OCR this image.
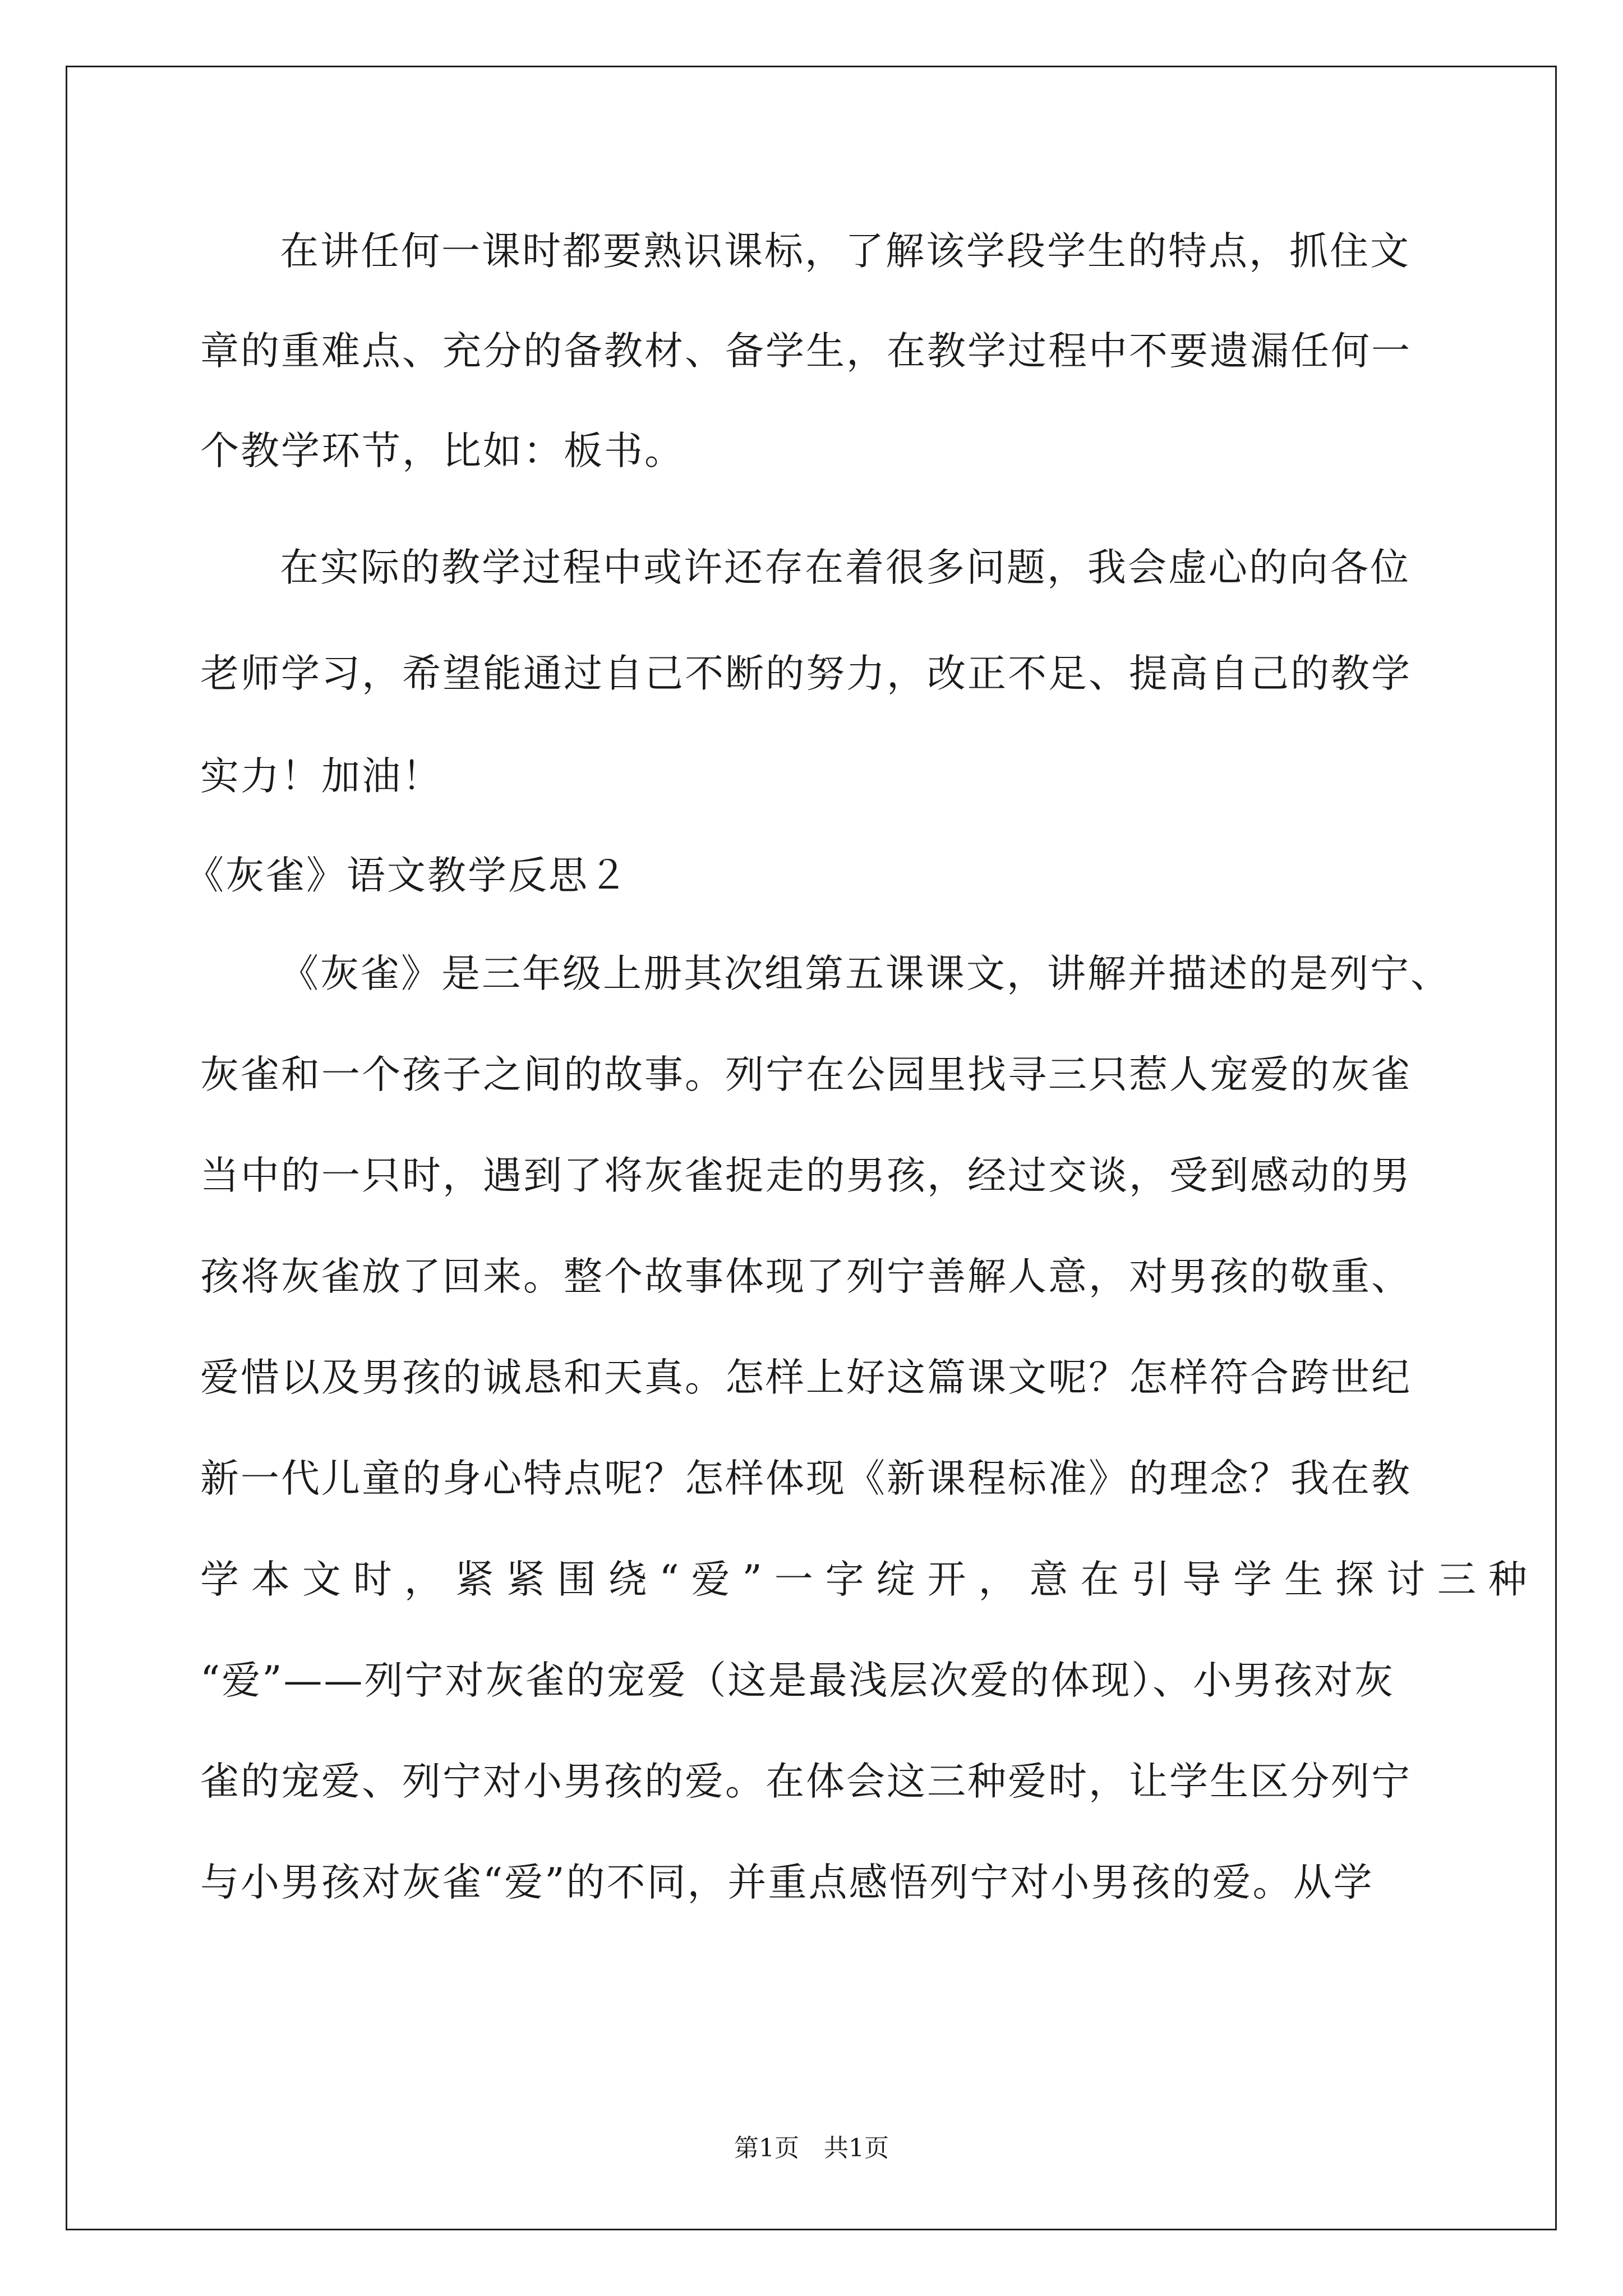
在讲任何一课时都要熟识课标，了解该学段学生的特点，抓住文

章的重难点、充分的备教材、备学生，在教学过程中不要遗漏任何一

个教学环节，比如：板书。

在实际的教学过程中或许还存在着很多问题，我会虚心的向各位

老师学习，希望能通过自己不断的努力，改正不足、提高自己的教学

实力！加油！

《灰雀》语文教学反思２

《灰雀》是三年级上册其次组第五课课文，讲解并描述的是列宁、

灰雀和一个孩子之间的故事。列宁在公园里找寻三只惹人宠爱的灰雀

当中的一只时，遇到了将灰雀捉走的男孩，经过交谈，受到感动的男

孩将灰雀放了回来。整个故事体现了列宁善解人意，对男孩的敬重、

爱惜以及男孩的诚恳和天真。怎样上好这篇课文呢？怎样符合跨世纪

新一代儿童的身心特点呢？怎样体现《新课程标准》的理念？我在教

学 本 文 时 ， 紧 紧 围 绕 “ 爱 ” 一 字 绽 开 ， 意 在 引 导 学 生 探 讨 三 种

“爱”——列宁对灰雀的宠爱（这是最浅层次爱的体现）、小男孩对灰

雀的宠爱、列宁对小男孩的爱。在体会这三种爱时，让学生区分列宁

与小男孩对灰雀“爱”的不同，并重点感悟列宁对小男孩的爱。从学

第1页　共1页
